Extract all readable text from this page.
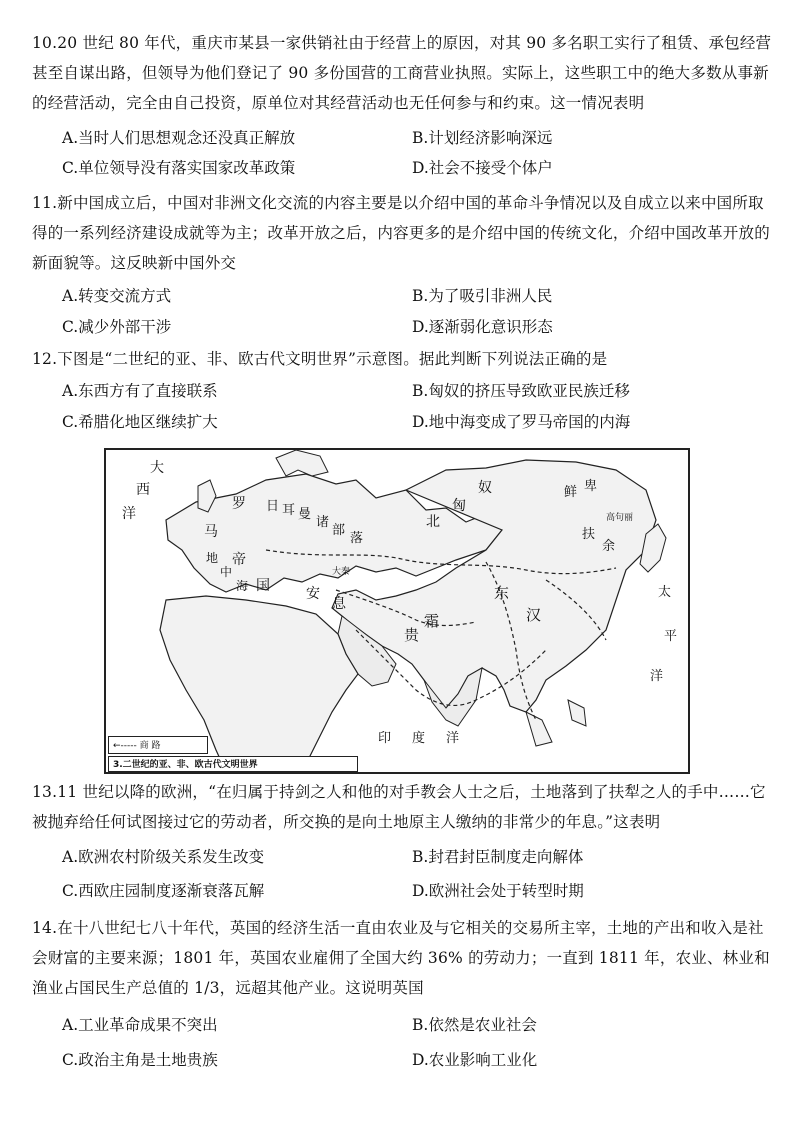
10.20 世纪 80 年代，重庆市某县一家供销社由于经营上的原因，对其 90 多名职工实行了租赁、承包经营甚至自谋出路，但领导为他们登记了 90 多份国营的工商营业执照。实际上，这些职工中的绝大多数从事新的经营活动，完全由自己投资，原单位对其经营活动也无任何参与和约束。这一情况表明
A.当时人们思想观念还没真正解放	B.计划经济影响深远
C.单位领导没有落实国家改革政策	D.社会不接受个体户
11.新中国成立后，中国对非洲文化交流的内容主要是以介绍中国的革命斗争情况以及自成立以来中国所取得的一系列经济建设成就等为主；改革开放之后，内容更多的是介绍中国的传统文化，介绍中国改革开放的新面貌等。这反映新中国外交
A.转变交流方式	B.为了吸引非洲人民
C.减少外部干涉	D.逐渐弱化意识形态
12.下图是“二世纪的亚、非、欧古代文明世界”示意图。据此判断下列说法正确的是
A.东西方有了直接联系	B.匈奴的挤压导致欧亚民族迁移
C.希腊化地区继续扩大	D.地中海变成了罗马帝国的内海
大
西
洋
罗
马
帝
国
日 耳 曼
诸
部
落
北
匈
奴	鲜 卑
扶
余
东
汉
太
平
洋
印 度 洋
地
中
海	安
息
贵
霜
大秦
高句丽
←----- 商 路
3.二世纪的亚、非、欧古代文明世界
13.11 世纪以降的欧洲，“在归属于持剑之人和他的对手教会人士之后，土地落到了扶犁之人的手中……它被抛弃给任何试图接过它的劳动者，所交换的是向土地原主人缴纳的非常少的年息。”这表明
A.欧洲农村阶级关系发生改变	B.封君封臣制度走向解体
C.西欧庄园制度逐渐衰落瓦解	D.欧洲社会处于转型时期
14.在十八世纪七八十年代，英国的经济生活一直由农业及与它相关的交易所主宰，土地的产出和收入是社会财富的主要来源；1801 年，英国农业雇佣了全国大约 36% 的劳动力；一直到 1811 年，农业、林业和渔业占国民生产总值的 1/3，远超其他产业。这说明英国
A.工业革命成果不突出	B.依然是农业社会
C.政治主角是土地贵族	D.农业影响工业化
